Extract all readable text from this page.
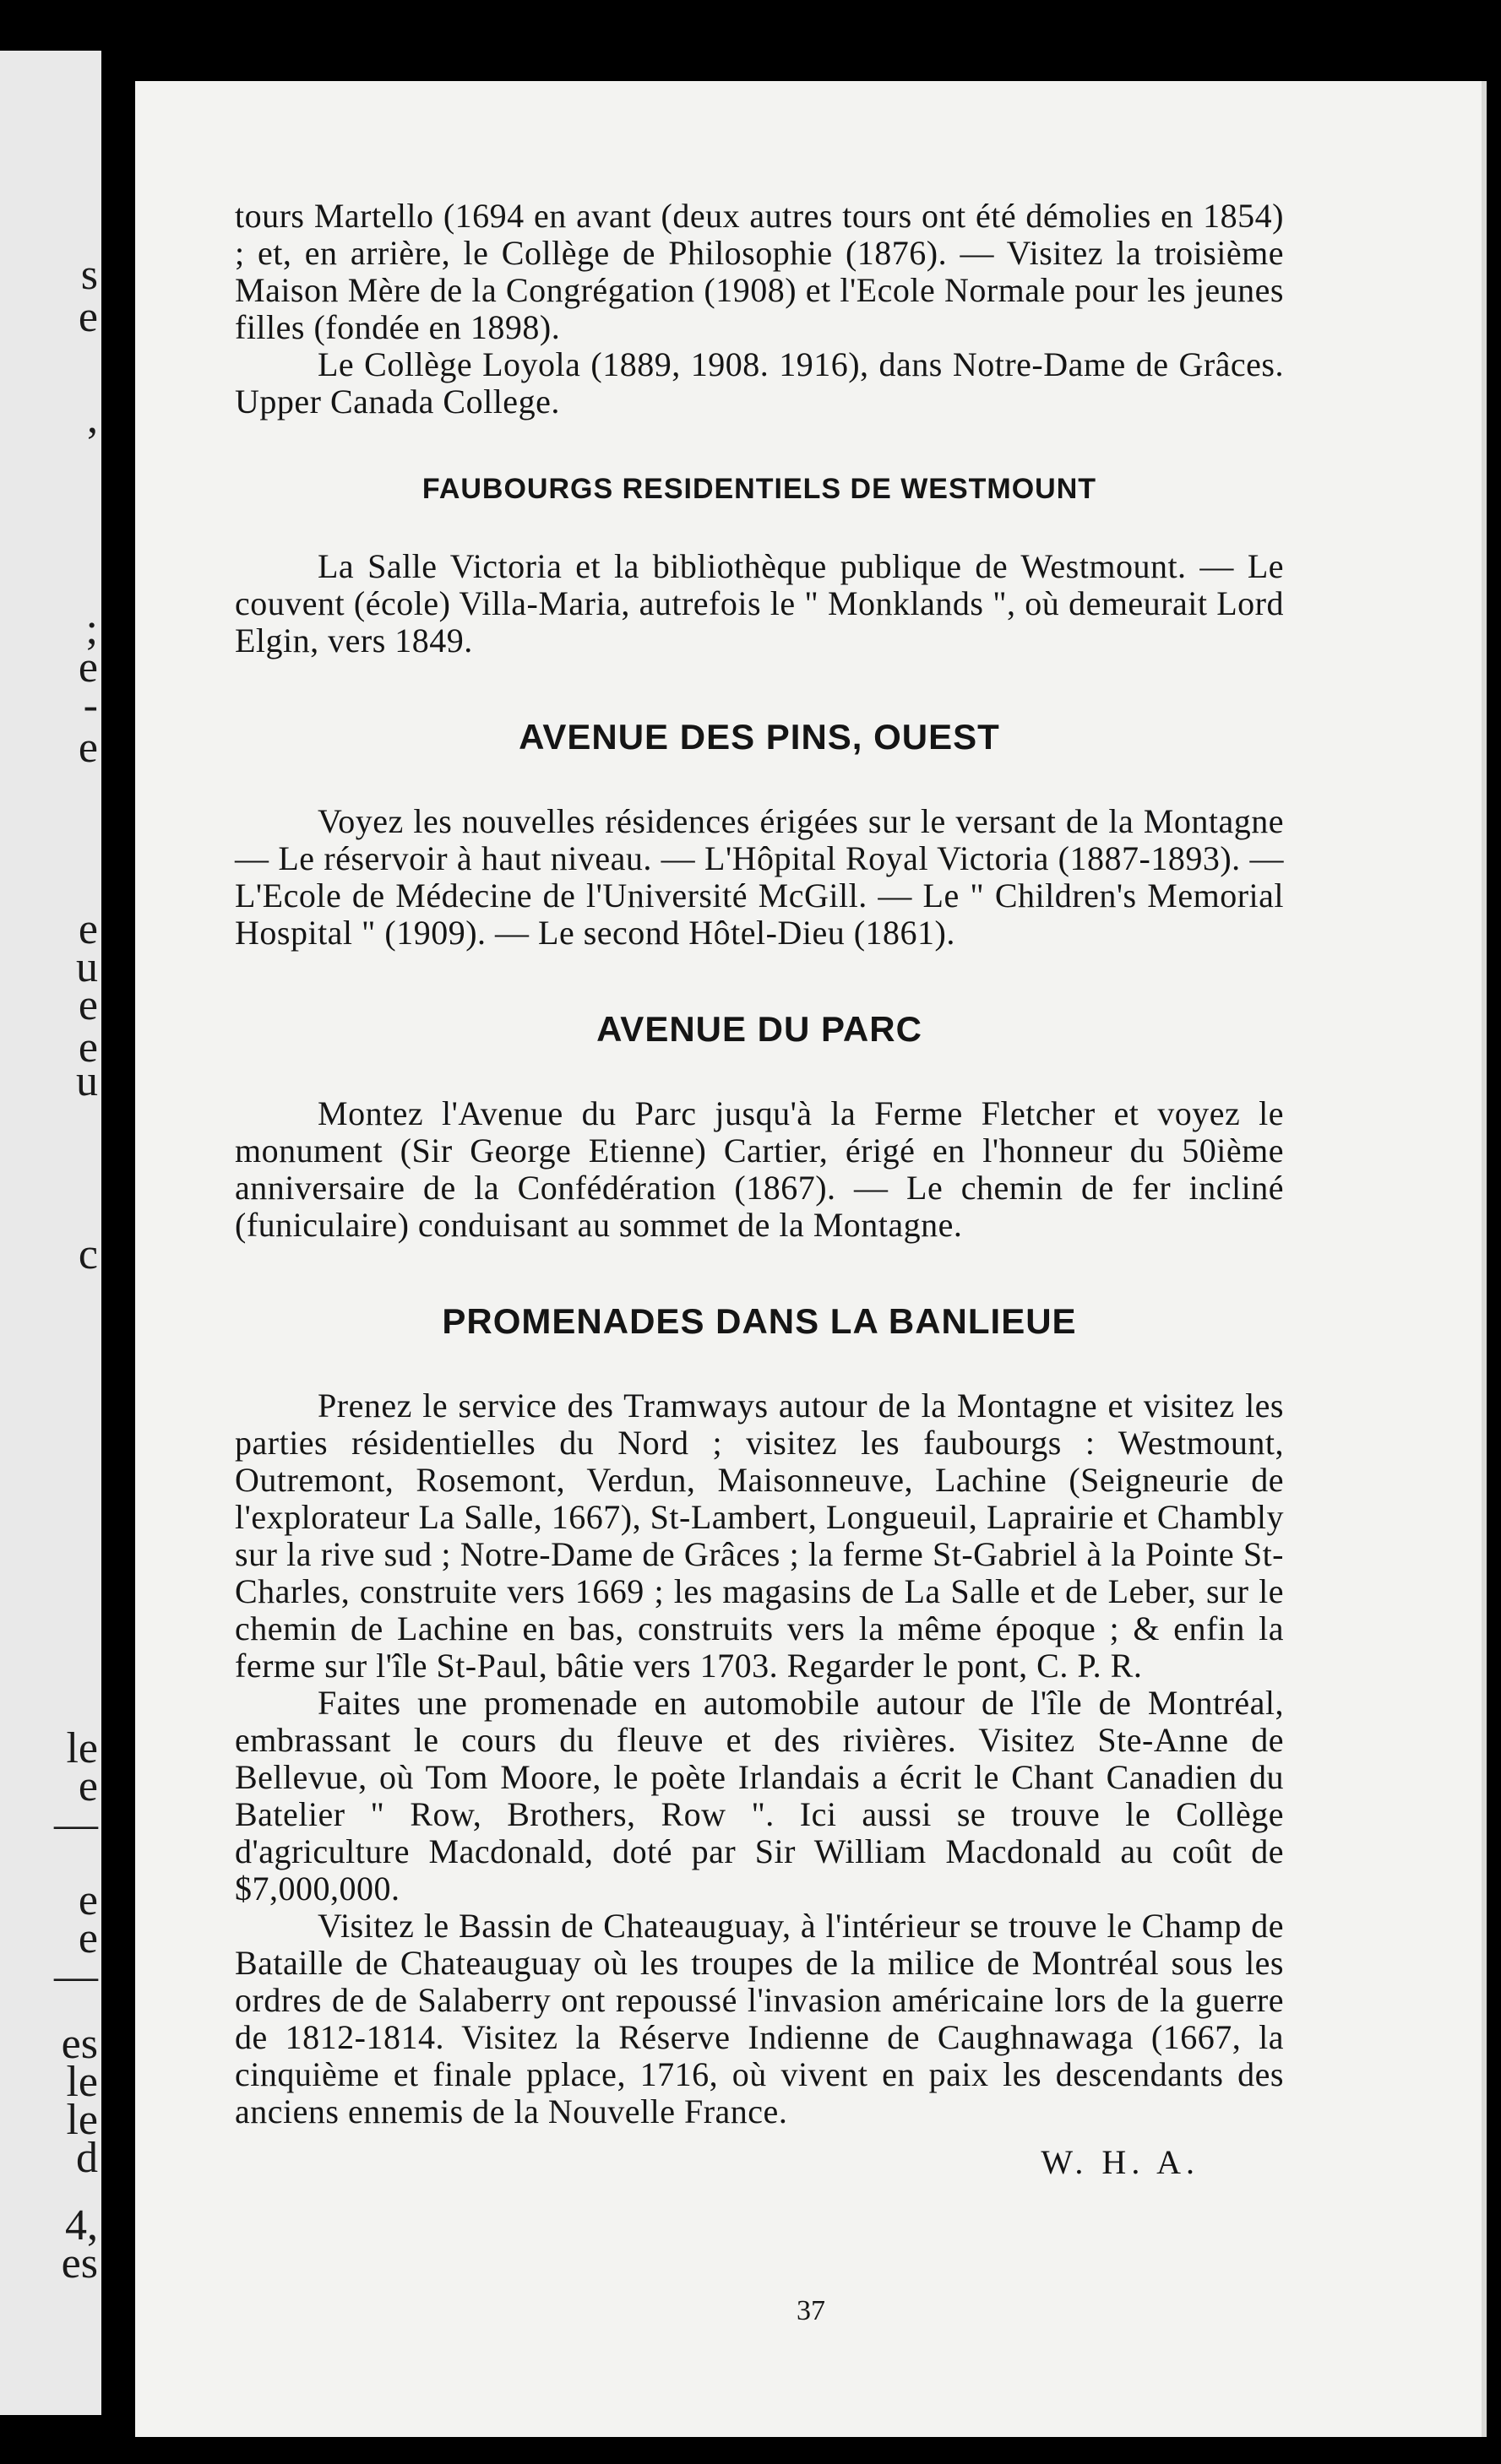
s
e
,
;
e
-
e
e
u
e
e
u
c
le
e
—
e
e
—
es
le
le
d
4,
es

tours Martello (1694 en avant (deux autres tours ont été démolies en 1854) ; et, en arrière, le Collège de Philosophie (1876). — Visitez la troisième Maison Mère de la Congrégation (1908) et l'Ecole Normale pour les jeunes filles (fondée en 1898).

Le Collège Loyola (1889, 1908. 1916), dans Notre-Dame de Grâces. Upper Canada College.

FAUBOURGS RESIDENTIELS DE WESTMOUNT

La Salle Victoria et la bibliothèque publique de Westmount. — Le couvent (école) Villa-Maria, autrefois le " Monklands ", où demeurait Lord Elgin, vers 1849.

AVENUE DES PINS, OUEST

Voyez les nouvelles résidences érigées sur le versant de la Montagne — Le réservoir à haut niveau. — L'Hôpital Royal Victoria (1887-1893). — L'Ecole de Médecine de l'Université McGill. — Le " Children's Memorial Hospital " (1909). — Le second Hôtel-Dieu (1861).

AVENUE DU PARC

Montez l'Avenue du Parc jusqu'à la Ferme Fletcher et voyez le monument (Sir George Etienne) Cartier, érigé en l'honneur du 50ième anniversaire de la Confédération (1867). — Le chemin de fer incliné (funiculaire) conduisant au sommet de la Montagne.

PROMENADES DANS LA BANLIEUE

Prenez le service des Tramways autour de la Montagne et visitez les parties résidentielles du Nord ; visitez les faubourgs : Westmount, Outremont, Rosemont, Verdun, Maisonneuve, Lachine (Seigneurie de l'explorateur La Salle, 1667), St-Lambert, Longueuil, Laprairie et Chambly sur la rive sud ; Notre-Dame de Grâces ; la ferme St-Gabriel à la Pointe St-Charles, construite vers 1669 ; les magasins de La Salle et de Leber, sur le chemin de Lachine en bas, construits vers la même époque ; & enfin la ferme sur l'île St-Paul, bâtie vers 1703. Regarder le pont, C. P. R.

Faites une promenade en automobile autour de l'île de Montréal, embrassant le cours du fleuve et des rivières. Visitez Ste-Anne de Bellevue, où Tom Moore, le poète Irlandais a écrit le Chant Canadien du Batelier " Row, Brothers, Row ". Ici aussi se trouve le Collège d'agriculture Macdonald, doté par Sir William Macdonald au coût de $7,000,000.

Visitez le Bassin de Chateauguay, à l'intérieur se trouve le Champ de Bataille de Chateauguay où les troupes de la milice de Montréal sous les ordres de de Salaberry ont repoussé l'invasion américaine lors de la guerre de 1812-1814. Visitez la Réserve Indienne de Caughnawaga (1667, la cinquième et finale pplace, 1716, où vivent en paix les descendants des anciens ennemis de la Nouvelle France.

W. H. A.

37
